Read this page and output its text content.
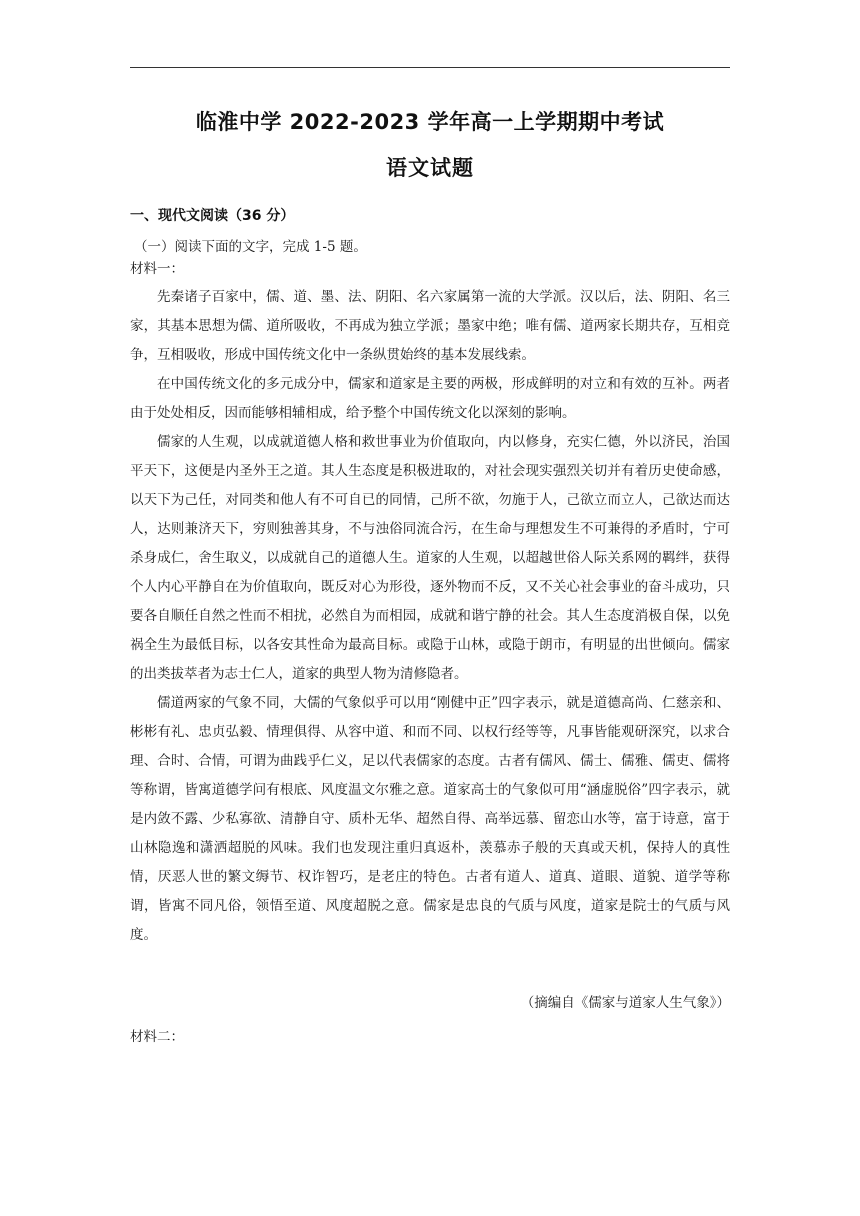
临淮中学 2022-2023 学年高一上学期期中考试
语文试题
一、现代文阅读（36 分）
（一）阅读下面的文字，完成 1-5 题。
材料一：

先秦诸子百家中，儒、道、墨、法、阴阳、名六家属第一流的大学派。汉以后，法、阴阳、名三家，其基本思想为儒、道所吸收，不再成为独立学派；墨家中绝；唯有儒、道两家长期共存，互相竞争，互相吸收，形成中国传统文化中一条纵贯始终的基本发展线索。

在中国传统文化的多元成分中，儒家和道家是主要的两极，形成鲜明的对立和有效的互补。两者由于处处相反，因而能够相辅相成，给予整个中国传统文化以深刻的影响。

儒家的人生观，以成就道德人格和救世事业为价值取向，内以修身，充实仁德，外以济民，治国平天下，这便是内圣外王之道。其人生态度是积极进取的，对社会现实强烈关切并有着历史使命感，以天下为己任，对同类和他人有不可自已的同情，己所不欲，勿施于人，己欲立而立人，己欲达而达人，达则兼济天下，穷则独善其身，不与浊俗同流合污，在生命与理想发生不可兼得的矛盾时，宁可杀身成仁，舍生取义，以成就自己的道德人生。道家的人生观，以超越世俗人际关系网的羁绊，获得个人内心平静自在为价值取向，既反对心为形役，逐外物而不反，又不关心社会事业的奋斗成功，只要各自顺任自然之性而不相扰，必然自为而相园，成就和谐宁静的社会。其人生态度消极自保，以免祸全生为最低目标，以各安其性命为最高目标。或隐于山林，或隐于朗市，有明显的出世倾向。儒家的出类拔萃者为志士仁人，道家的典型人物为清修隐者。

儒道两家的气象不同，大儒的气象似乎可以用“刚健中正”四字表示，就是道德高尚、仁慈亲和、彬彬有礼、忠贞弘毅、情理俱得、从容中道、和而不同、以权行经等等，凡事皆能观研深究，以求合理、合时、合情，可谓为曲践乎仁义，足以代表儒家的态度。古者有儒风、儒士、儒雅、儒吏、儒将等称谓，皆寓道德学问有根底、风度温文尔雅之意。道家高士的气象似可用“涵虚脱俗”四字表示，就是内敛不露、少私寡欲、清静自守、质朴无华、超然自得、高举远慕、留恋山水等，富于诗意，富于山林隐逸和潇洒超脱的风味。我们也发现注重归真返朴，羡慕赤子般的天真或天机，保持人的真性情，厌恶人世的繁文缛节、权诈智巧，是老庄的特色。古者有道人、道真、道眼、道貌、道学等称谓，皆寓不同凡俗，领悟至道、风度超脱之意。儒家是忠良的气质与风度，道家是院士的气质与风度。

（摘编自《儒家与道家人生气象》）
材料二：
